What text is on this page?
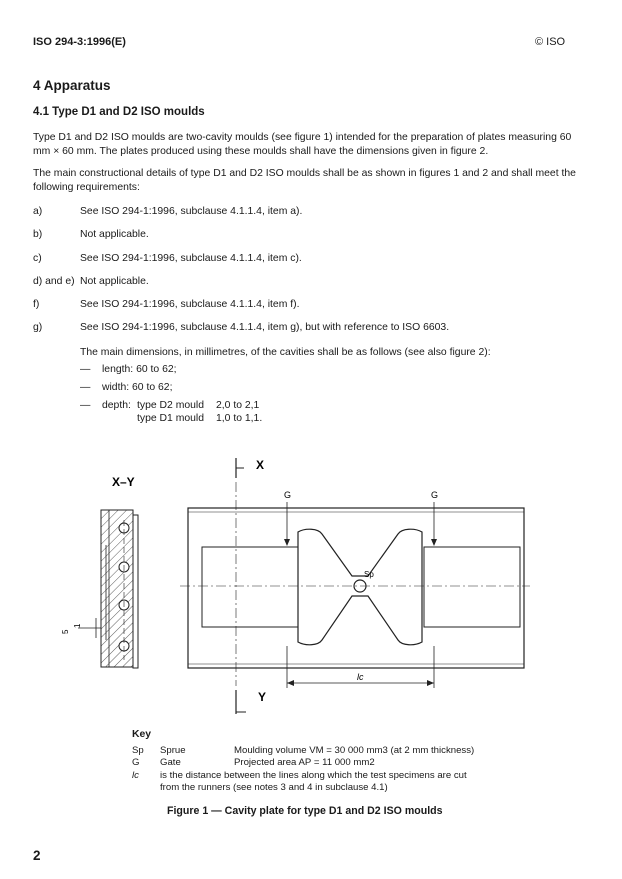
ISO 294-3:1996(E)	© ISO
4 Apparatus
4.1 Type D1 and D2 ISO moulds
Type D1 and D2 ISO moulds are two-cavity moulds (see figure 1) intended for the preparation of plates measuring 60 mm × 60 mm. The plates produced using these moulds shall have the dimensions given in figure 2.
The main constructional details of type D1 and D2 ISO moulds shall be as shown in figures 1 and 2 and shall meet the following requirements:
a)	See ISO 294-1:1996, subclause 4.1.1.4, item a).
b)	Not applicable.
c)	See ISO 294-1:1996, subclause 4.1.1.4, item c).
d) and e) Not applicable.
f)	See ISO 294-1:1996, subclause 4.1.1.4, item f).
g)	See ISO 294-1:1996, subclause 4.1.1.4, item g), but with reference to ISO 6603.
The main dimensions, in millimetres, of the cavities shall be as follows (see also figure 2):
— length: 60 to 62;
— width: 60 to 62;
— depth: type D2 mould 2,0 to 2,1
type D1 mould 1,0 to 1,1.
X–Y
5
1
X
Sp
G	G
lc
Y
Key
Sp Sprue	Moulding volume VM = 30 000 mm3 (at 2 mm thickness)
G Gate	Projected area AP = 11 000 mm2
lc is the distance between the lines along which the test specimens are cut
from the runners (see notes 3 and 4 in subclause 4.1)
Figure 1 — Cavity plate for type D1 and D2 ISO moulds
2
